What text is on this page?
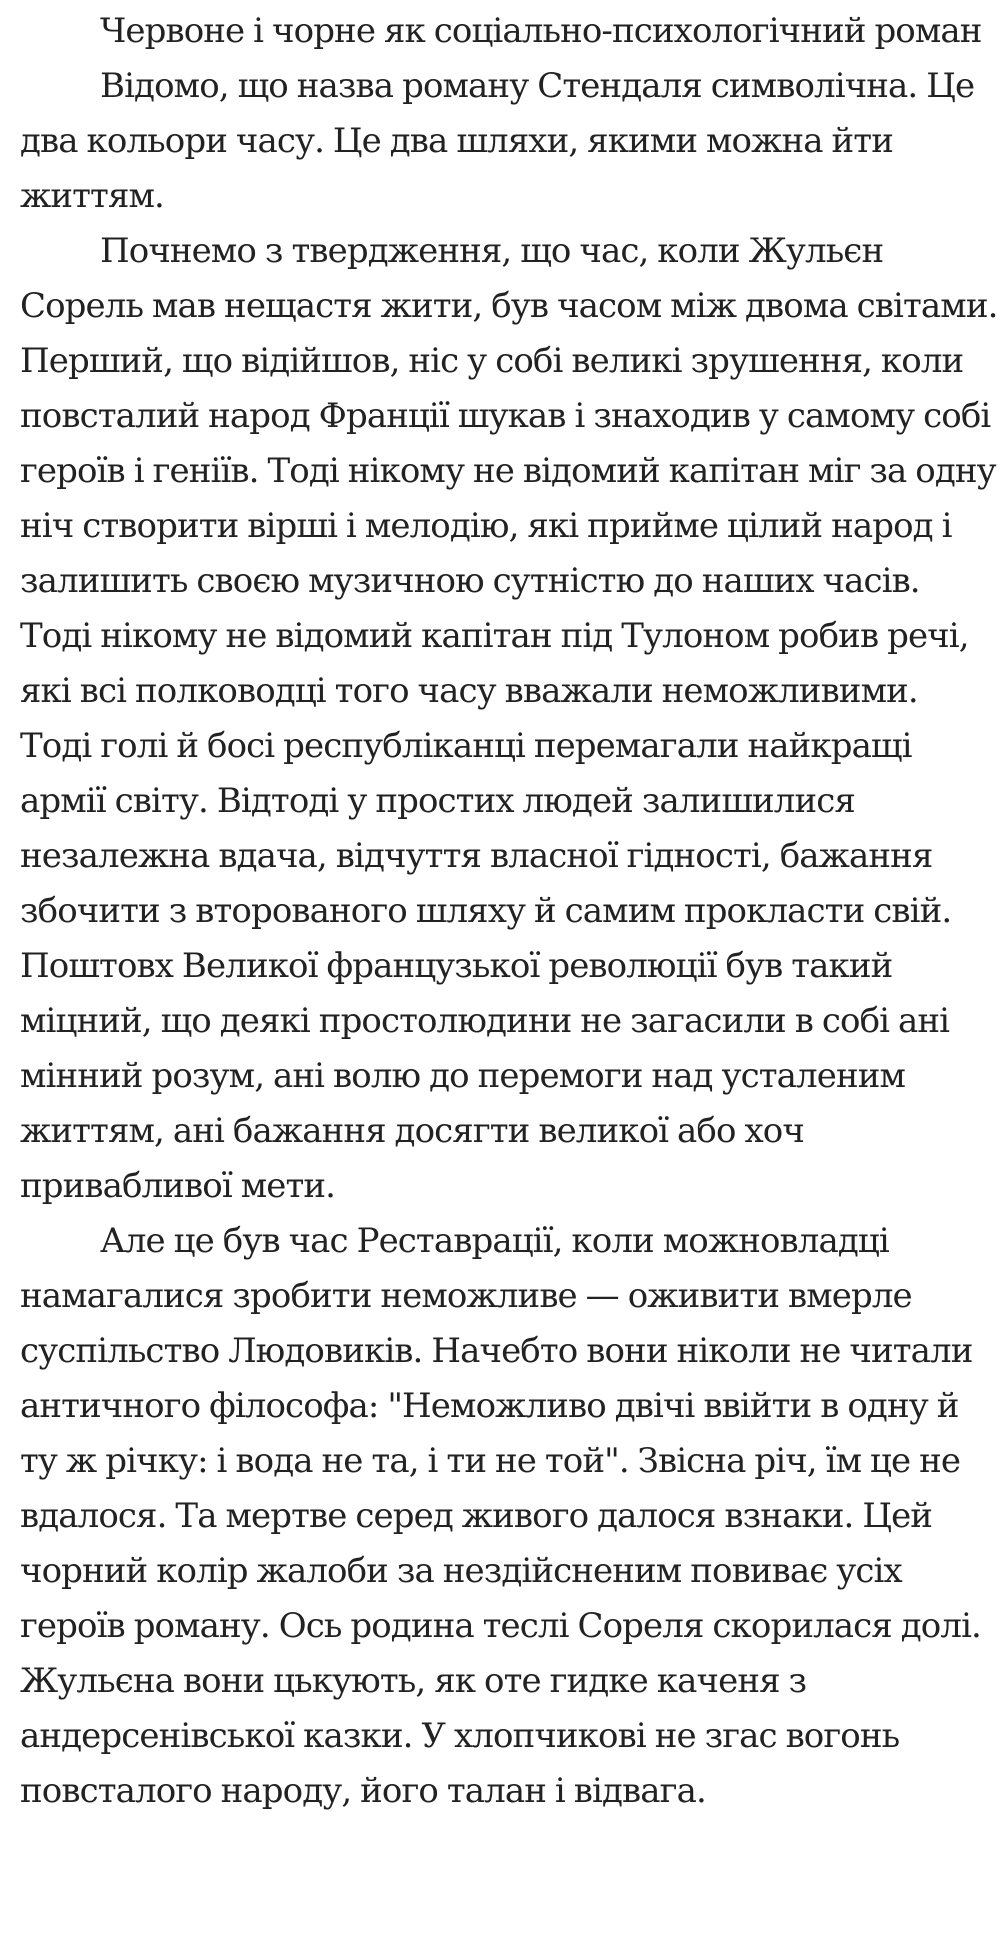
Червоне і чорне як соціально-психологічний роман

Відомо, що назва роману Стендаля символічна. Це два кольори часу. Це два шляхи, якими можна йти життям.

Почнемо з твердження, що час, коли Жульєн Сорель мав нещастя жити, був часом між двома світами. Перший, що відійшов, ніс у собі великі зрушення, коли повсталий народ Франції шукав і знаходив у самому собі героїв і геніїв. Тоді нікому не відомий капітан міг за одну ніч створити вірші і мелодію, які прийме цілий народ і залишить своєю музичною сутністю до наших часів. Тоді нікому не відомий капітан під Тулоном робив речі, які всі полководці того часу вважали неможливими. Тоді голі й босі республіканці перемагали найкращі армії світу. Відтоді у простих людей залишилися незалежна вдача, відчуття власної гідності, бажання збочити з второваного шляху й самим прокласти свій. Поштовх Великої французької революції був такий міцний, що деякі простолюдини не загасили в собі ані мінний розум, ані волю до перемоги над усталеним життям, ані бажання досягти великої або хоч привабливої мети.

Але це був час Реставрації, коли можновладці намагалися зробити неможливе — оживити вмерле суспільство Людовиків. Начебто вони ніколи не читали античного філософа: "Неможливо двічі ввійти в одну й ту ж річку: і вода не та, і ти не той". Звісна річ, їм це не вдалося. Та мертве серед живого далося взнаки. Цей чорний колір жалоби за нездійсненим повиває усіх героїв роману. Ось родина теслі Сореля скорилася долі. Жульєна вони цькують, як оте гидке каченя з андерсенівської казки. У хлопчикові не згас вогонь повсталого народу, його талан і відвага.
